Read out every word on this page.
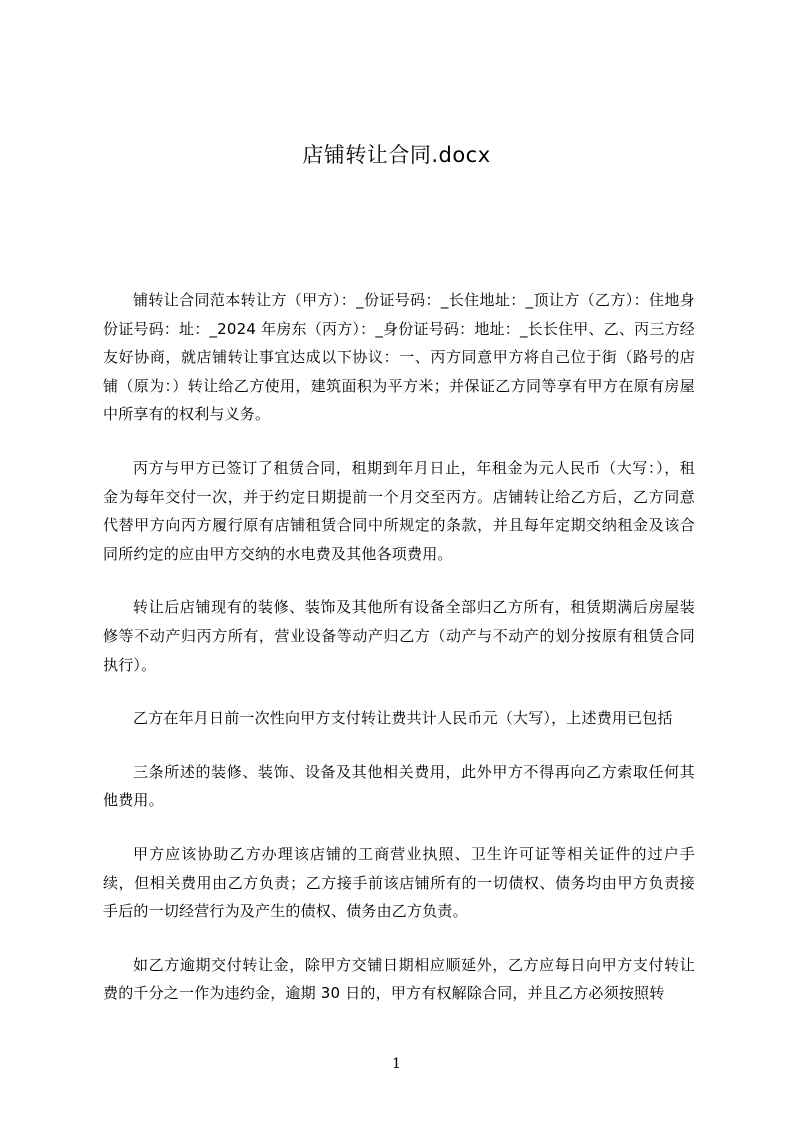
店铺转让合同.docx

铺转让合同范本转让方（甲方）：_份证号码：_长住地址：_顶让方（乙方）：住地身份证号码：址：_2024 年房东（丙方）：_身份证号码：地址：_长长住甲、乙、丙三方经友好协商，就店铺转让事宜达成以下协议：一、丙方同意甲方将自己位于街（路号的店铺（原为：）转让给乙方使用，建筑面积为平方米；并保证乙方同等享有甲方在原有房屋中所享有的权利与义务。

丙方与甲方已签订了租赁合同，租期到年月日止，年租金为元人民币（大写：），租金为每年交付一次，并于约定日期提前一个月交至丙方。店铺转让给乙方后，乙方同意代替甲方向丙方履行原有店铺租赁合同中所规定的条款，并且每年定期交纳租金及该合同所约定的应由甲方交纳的水电费及其他各项费用。

转让后店铺现有的装修、装饰及其他所有设备全部归乙方所有，租赁期满后房屋装修等不动产归丙方所有，营业设备等动产归乙方（动产与不动产的划分按原有租赁合同执行）。

乙方在年月日前一次性向甲方支付转让费共计人民币元（大写），上述费用已包括

三条所述的装修、装饰、设备及其他相关费用，此外甲方不得再向乙方索取任何其他费用。

甲方应该协助乙方办理该店铺的工商营业执照、卫生许可证等相关证件的过户手续，但相关费用由乙方负责；乙方接手前该店铺所有的一切债权、债务均由甲方负责接手后的一切经营行为及产生的债权、债务由乙方负责。

如乙方逾期交付转让金，除甲方交铺日期相应顺延外，乙方应每日向甲方支付转让费的千分之一作为违约金，逾期 30 日的，甲方有权解除合同，并且乙方必须按照转

1
